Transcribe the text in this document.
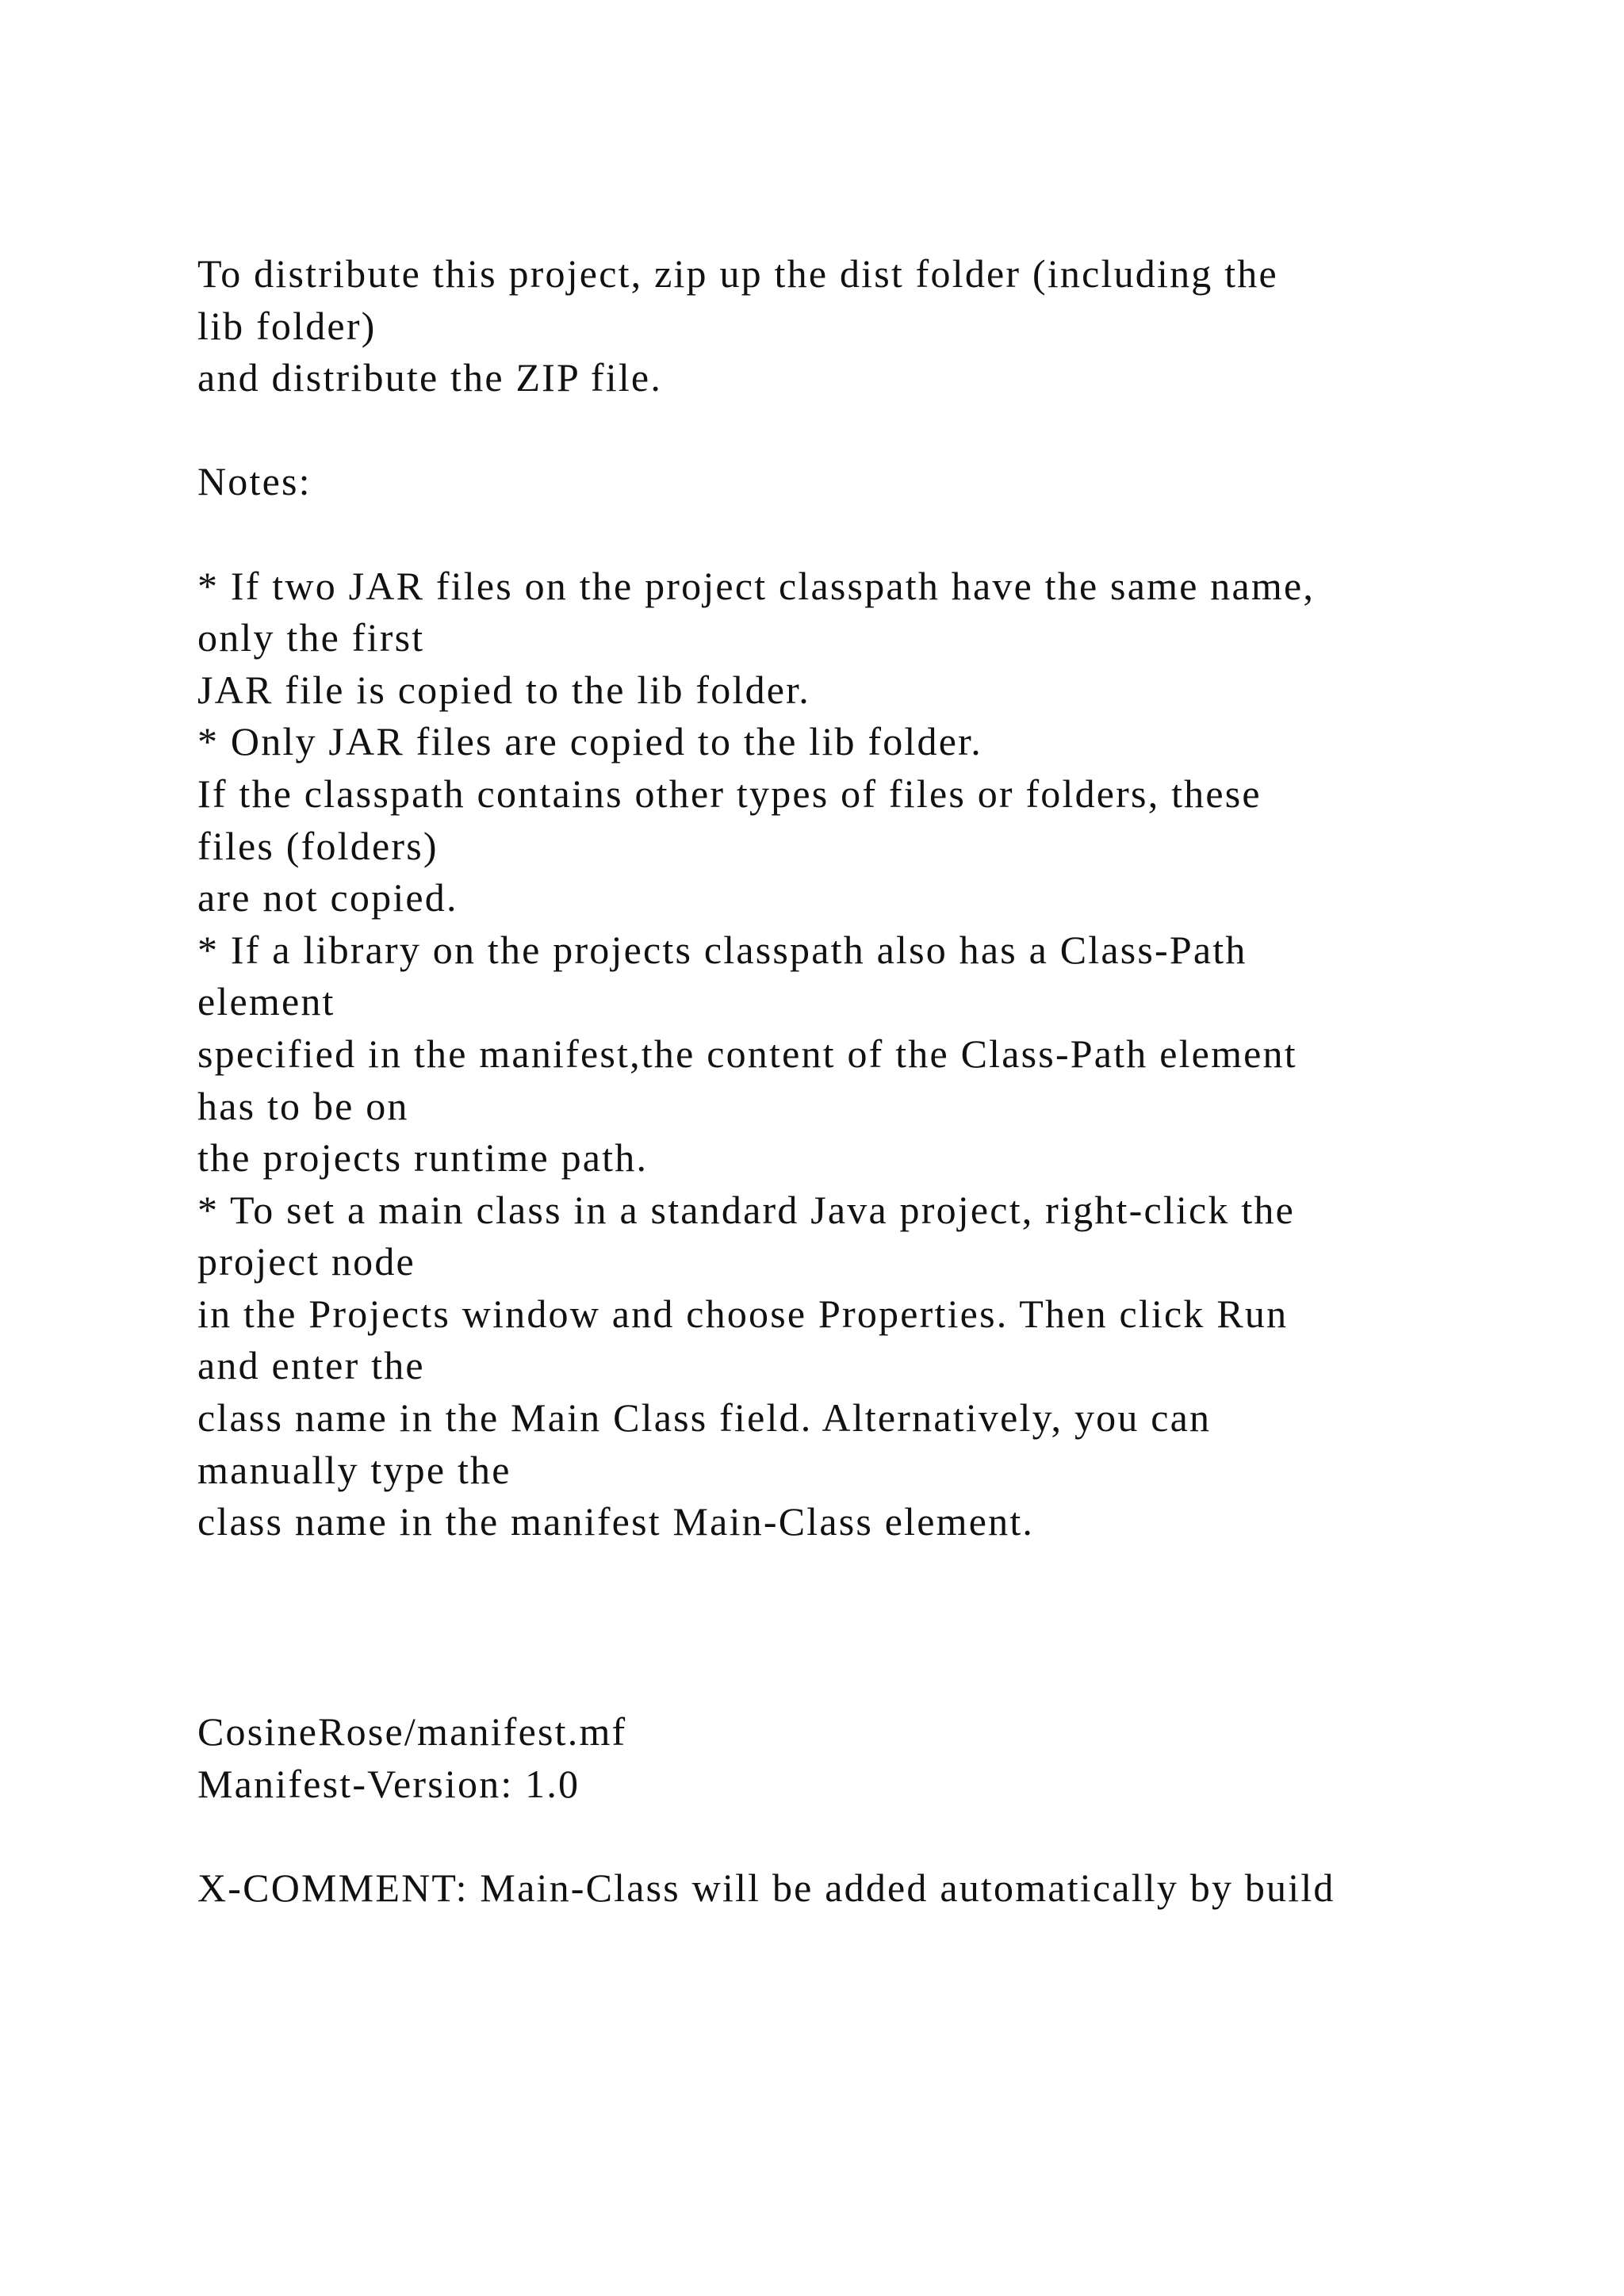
To distribute this project, zip up the dist folder (including the
lib folder)
and distribute the ZIP file.
Notes:
* If two JAR files on the project classpath have the same name,
only the first
JAR file is copied to the lib folder.
* Only JAR files are copied to the lib folder.
If the classpath contains other types of files or folders, these
files (folders)
are not copied.
* If a library on the projects classpath also has a Class-Path
element
specified in the manifest,the content of the Class-Path element
has to be on
the projects runtime path.
* To set a main class in a standard Java project, right-click the
project node
in the Projects window and choose Properties. Then click Run
and enter the
class name in the Main Class field. Alternatively, you can
manually type the
class name in the manifest Main-Class element.
CosineRose/manifest.mf
Manifest-Version: 1.0
X-COMMENT: Main-Class will be added automatically by build
